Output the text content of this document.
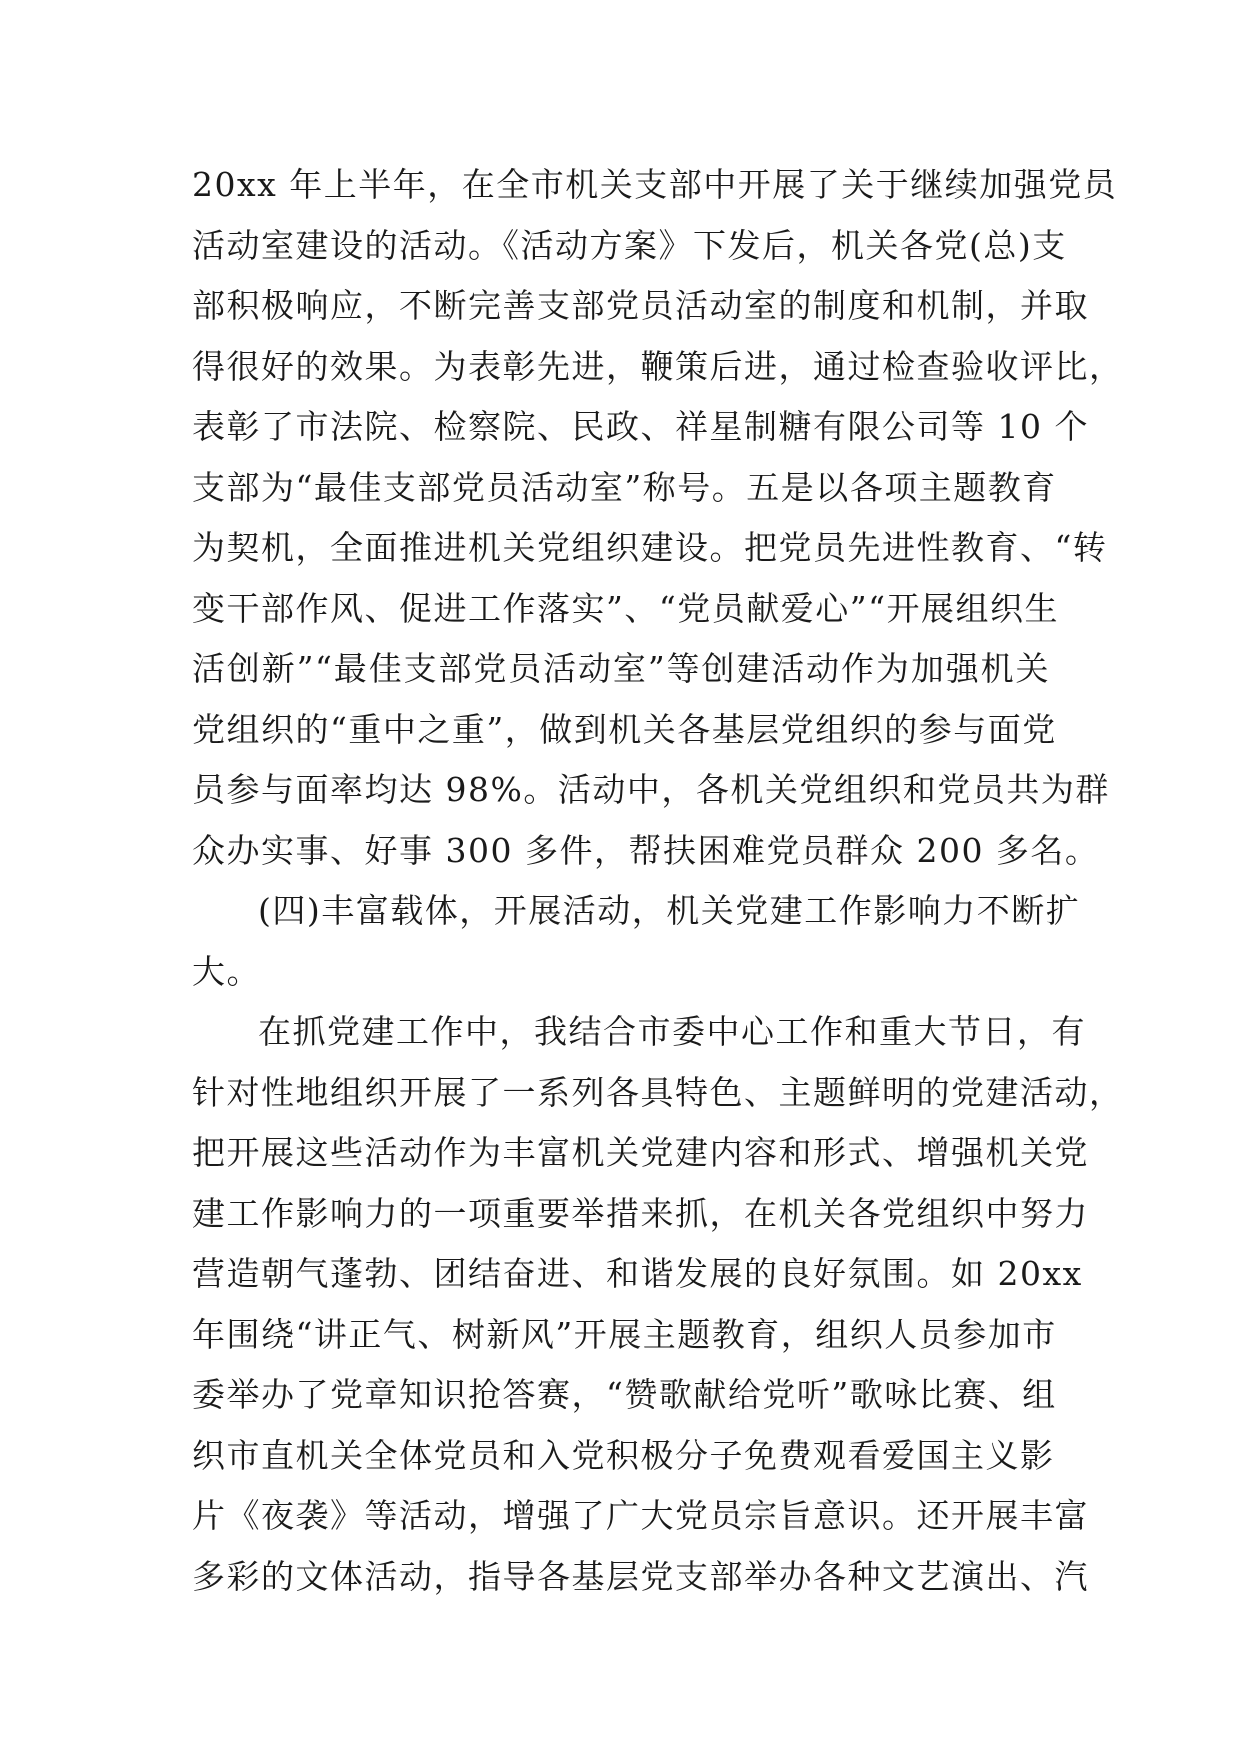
20xx 年上半年，在全市机关支部中开展了关于继续加强党员
活动室建设的活动。《活动方案》下发后，机关各党(总)支
部积极响应，不断完善支部党员活动室的制度和机制，并取
得很好的效果。为表彰先进，鞭策后进，通过检查验收评比，
表彰了市法院、检察院、民政、祥星制糖有限公司等 10 个
支部为“最佳支部党员活动室”称号。五是以各项主题教育
为契机，全面推进机关党组织建设。把党员先进性教育、“转
变干部作风、促进工作落实”、“党员献爱心”“开展组织生
活创新”“最佳支部党员活动室”等创建活动作为加强机关
党组织的“重中之重”，做到机关各基层党组织的参与面党
员参与面率均达 98%。活动中，各机关党组织和党员共为群
众办实事、好事 300 多件，帮扶困难党员群众 200 多名。
(四)丰富载体，开展活动，机关党建工作影响力不断扩
大。
在抓党建工作中，我结合市委中心工作和重大节日，有
针对性地组织开展了一系列各具特色、主题鲜明的党建活动，
把开展这些活动作为丰富机关党建内容和形式、增强机关党
建工作影响力的一项重要举措来抓，在机关各党组织中努力
营造朝气蓬勃、团结奋进、和谐发展的良好氛围。如 20xx
年围绕“讲正气、树新风”开展主题教育，组织人员参加市
委举办了党章知识抢答赛，“赞歌献给党听”歌咏比赛、组
织市直机关全体党员和入党积极分子免费观看爱国主义影
片《夜袭》等活动，增强了广大党员宗旨意识。还开展丰富
多彩的文体活动，指导各基层党支部举办各种文艺演出、汽
